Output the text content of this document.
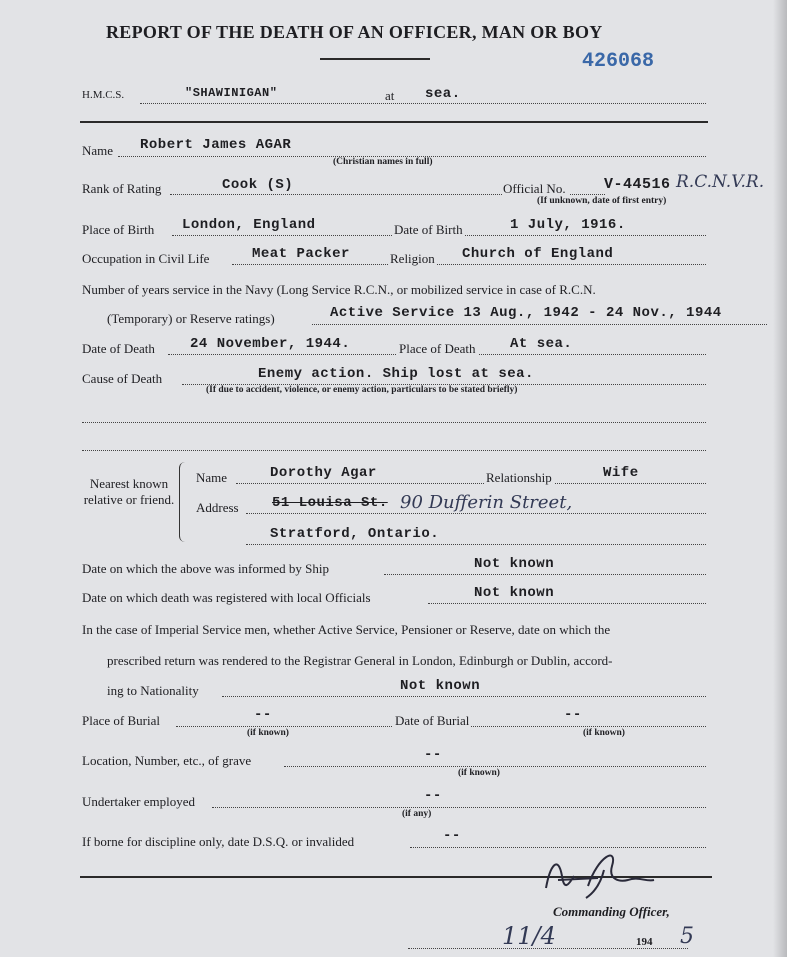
REPORT OF THE DEATH OF AN OFFICER, MAN OR BOY
426068
H.M.C.S.	"SHAWINIGAN"	at sea.
Name Robert James AGAR
(Christian names in full)
Rank of Rating	Cook (S)	Official No.	V-44516 R.C.N.V.R.
(If unknown, date of first entry)
Place of Birth London, England	Date of Birth	1 July, 1916.
Occupation in Civil Life	Meat Packer	Religion Church of England
Number of years service in the Navy (Long Service R.C.N., or mobilized service in case of R.C.N.
(Temporary) or Reserve ratings)	Active Service 13 Aug., 1942 - 24 Nov., 1944
Date of Death	24 November, 1944.	Place of Death At sea.
Cause of Death	Enemy action. Ship lost at sea.
(If due to accident, violence, or enemy action, particulars to be stated briefly)
Nearest known relative or friend.
Name	Dorothy Agar	Relationship	Wife
Address 51 Louisa St. 90 Dufferin Street,
Stratford, Ontario.
Date on which the above was informed by Ship	Not known
Date on which death was registered with local Officials	Not known
In the case of Imperial Service men, whether Active Service, Pensioner or Reserve, date on which the
prescribed return was rendered to the Registrar General in London, Edinburgh or Dublin, accord-
ing to Nationality	Not known
Place of Burial	--
(if known)
Date of Burial	--
(if known)
Location, Number, etc., of grave	--
(if known)
Undertaker employed	--
(if any)
If borne for discipline only, date D.S.Q. or invalided	--
Commanding Officer,
11/4	194 5
